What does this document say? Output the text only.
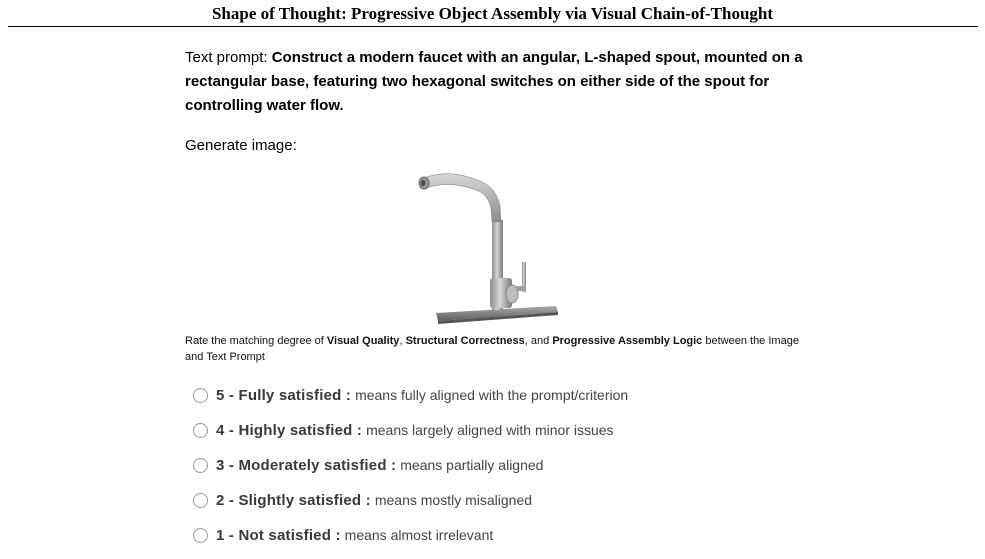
Shape of Thought: Progressive Object Assembly via Visual Chain-of-Thought

Text prompt: Construct a modern faucet with an angular, L-shaped spout, mounted on a rectangular base, featuring two hexagonal switches on either side of the spout for controlling water flow.

Generate image:
Rate the matching degree of Visual Quality, Structural Correctness, and Progressive Assembly Logic between the Image and Text Prompt
5 - Fully satisfied : means fully aligned with the prompt/criterion
4 - Highly satisfied : means largely aligned with minor issues
3 - Moderately satisfied : means partially aligned
2 - Slightly satisfied : means mostly misaligned
1 - Not satisfied : means almost irrelevant
